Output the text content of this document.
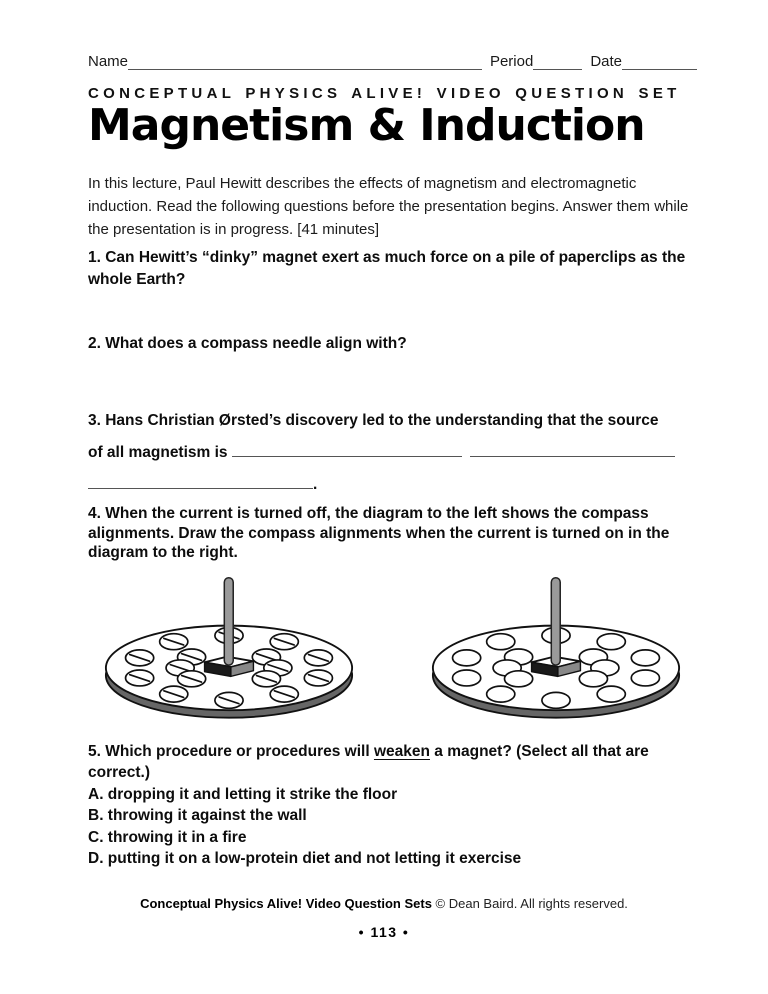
Name	Period	Date
CONCEPTUAL PHYSICS ALIVE! VIDEO QUESTION SET
Magnetism & Induction
In this lecture, Paul Hewitt describes the effects of magnetism and electromagnetic induction. Read the following questions before the presentation begins. Answer them while the presentation is in progress. [41 minutes]
1. Can Hewitt’s “dinky” magnet exert as much force on a pile of paperclips as the whole Earth?
2. What does a compass needle align with?
3. Hans Christian Ørsted’s discovery led to the understanding that the source
of all magnetism is
.
4. When the current is turned off, the diagram to the left shows the compass alignments. Draw the compass alignments when the current is turned on in the diagram to the right.
5. Which procedure or procedures will weaken a magnet? (Select all that are correct.)
A. dropping it and letting it strike the floor
B. throwing it against the wall
C. throwing it in a fire
D. putting it on a low-protein diet and not letting it exercise
Conceptual Physics Alive! Video Question Sets © Dean Baird. All rights reserved.
• 113 •
